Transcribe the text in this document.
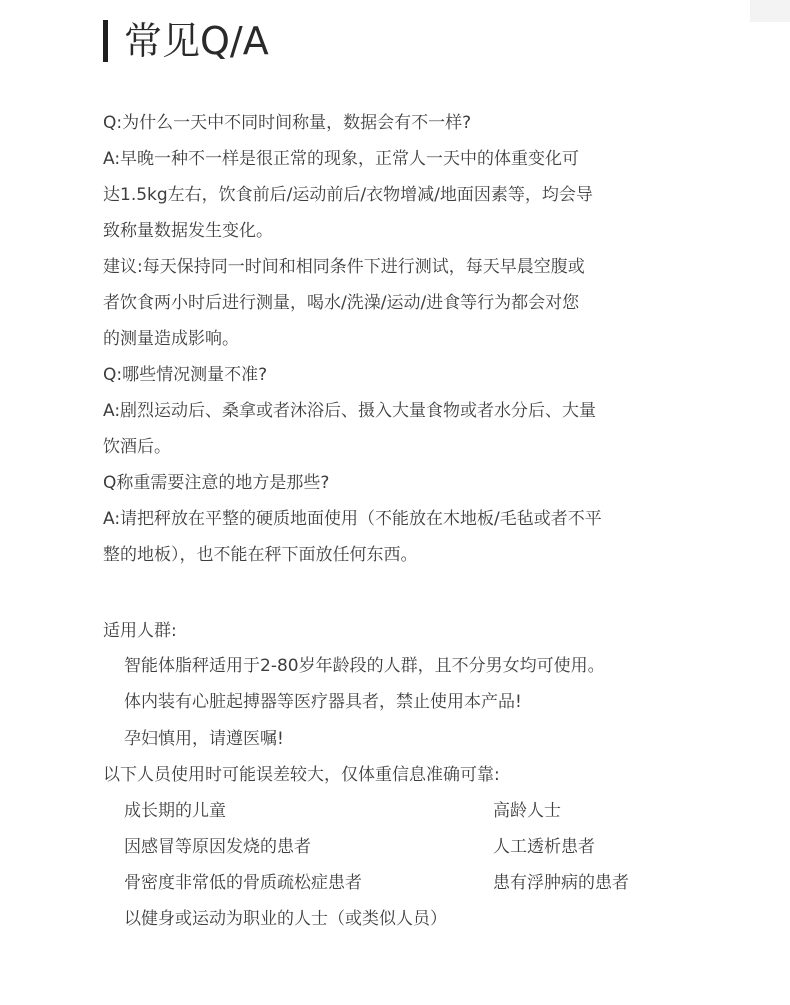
常见Q/A
Q:为什么一天中不同时间称量，数据会有不一样?
A:早晚一种不一样是很正常的现象，正常人一天中的体重变化可
达1.5kg左右，饮食前后/运动前后/衣物增减/地面因素等，均会导
致称量数据发生变化。
建议:每天保持同一时间和相同条件下进行测试，每天早晨空腹或
者饮食两小时后进行测量，喝水/洗澡/运动/进食等行为都会对您
的测量造成影响。
Q:哪些情况测量不准?
A:剧烈运动后、桑拿或者沐浴后、摄入大量食物或者水分后、大量
饮酒后。
Q称重需要注意的地方是那些?
A:请把秤放在平整的硬质地面使用（不能放在木地板/毛毡或者不平
整的地板），也不能在秤下面放任何东西。
适用人群:
智能体脂秤适用于2-80岁年龄段的人群，且不分男女均可使用。
体内装有心脏起搏器等医疗器具者，禁止使用本产品!
孕妇慎用，请遵医嘱!
以下人员使用时可能误差较大，仅体重信息准确可靠:
成长期的儿童	高龄人士
因感冒等原因发烧的患者	人工透析患者
骨密度非常低的骨质疏松症患者	患有浮肿病的患者
以健身或运动为职业的人士（或类似人员）
